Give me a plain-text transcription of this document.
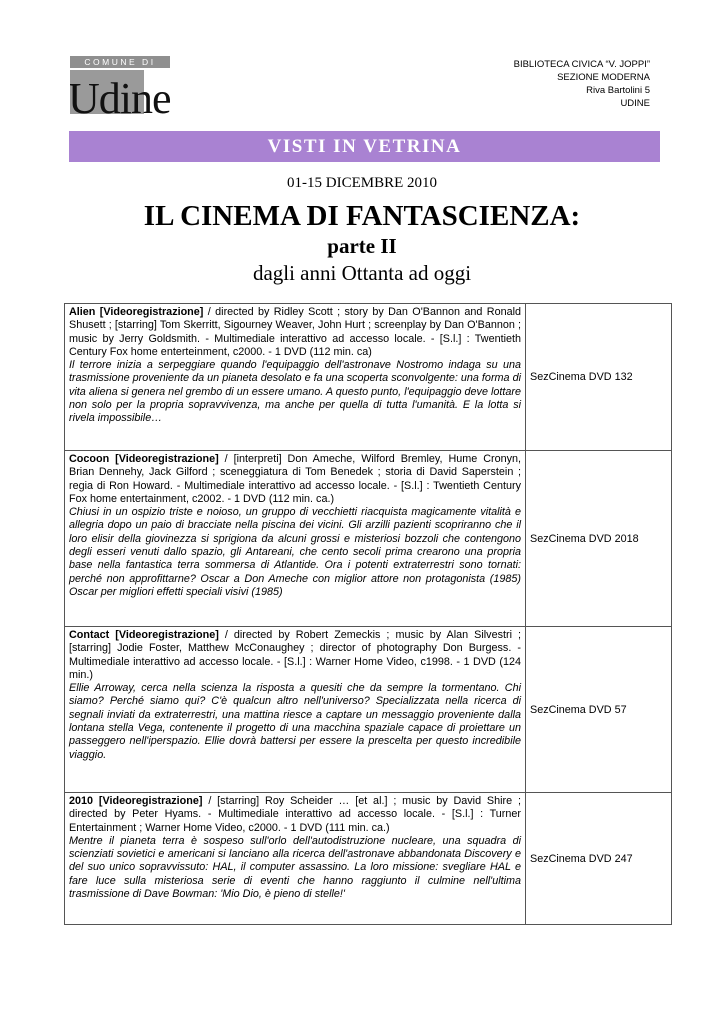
COMUNE DI
Udine
BIBLIOTECA CIVICA “V. JOPPI”
SEZIONE MODERNA
Riva Bartolini 5
UDINE
VISTI IN VETRINA
01-15 DICEMBRE 2010
IL CINEMA DI FANTASCIENZA:
parte II
dagli anni Ottanta ad oggi

Alien [Videoregistrazione] / directed by Ridley Scott ; story by Dan O'Bannon and Ronald Shusett ; [starring] Tom Skerritt, Sigourney Weaver, John Hurt ; screenplay by Dan O'Bannon ; music by Jerry Goldsmith. - Multimediale interattivo ad accesso locale. - [S.l.] : Twentieth Century Fox home enterteinment, c2000. - 1 DVD (112 min. ca)

Il terrore inizia a serpeggiare quando l'equipaggio dell'astronave Nostromo indaga su una trasmissione proveniente da un pianeta desolato e fa una scoperta sconvolgente: una forma di vita aliena si genera nel grembo di un essere umano. A questo punto, l'equipaggio deve lottare non solo per la propria sopravvivenza, ma anche per quella di tutta l'umanità. E la lotta si rivela impossibile…	SezCinema DVD 132

Cocoon [Videoregistrazione] / [interpreti] Don Ameche, Wilford Bremley, Hume Cronyn, Brian Dennehy, Jack Gilford ; sceneggiatura di Tom Benedek ; storia di David Saperstein ; regia di Ron Howard. - Multimediale interattivo ad accesso locale. - [S.l.] : Twentieth Century Fox home entertainment, c2002. - 1 DVD (112 min. ca.)

Chiusi in un ospizio triste e noioso, un gruppo di vecchietti riacquista magicamente vitalità e allegria dopo un paio di bracciate nella piscina dei vicini. Gli arzilli pazienti scopriranno che il loro elisir della giovinezza si sprigiona da alcuni grossi e misteriosi bozzoli che contengono degli esseri venuti dallo spazio, gli Antareani, che cento secoli prima crearono una propria base nella fantastica terra sommersa di Atlantide. Ora i potenti extraterrestri sono tornati: perché non approfittarne? Oscar a Don Ameche con miglior attore non protagonista (1985) Oscar per migliori effetti speciali visivi (1985)	SezCinema DVD 2018

Contact [Videoregistrazione] / directed by Robert Zemeckis ; music by Alan Silvestri ; [starring] Jodie Foster, Matthew McConaughey ; director of photography Don Burgess. - Multimediale interattivo ad accesso locale. - [S.l.] : Warner Home Video, c1998. - 1 DVD (124 min.)

Ellie Arroway, cerca nella scienza la risposta a quesiti che da sempre la tormentano. Chi siamo? Perché siamo qui? C'è qualcun altro nell'universo? Specializzata nella ricerca di segnali inviati da extraterrestri, una mattina riesce a captare un messaggio proveniente dalla lontana stella Vega, contenente il progetto di una macchina spaziale capace di proiettare un passeggero nell'iperspazio. Ellie dovrà battersi per essere la prescelta per questo incredibile viaggio.	SezCinema DVD 57

2010 [Videoregistrazione] / [starring] Roy Scheider … [et al.] ; music by David Shire ; directed by Peter Hyams. - Multimediale interattivo ad accesso locale. - [S.l.] : Turner Entertainment ; Warner Home Video, c2000. - 1 DVD (111 min. ca.)

Mentre il pianeta terra è sospeso sull'orlo dell'autodistruzione nucleare, una squadra di scienziati sovietici e americani si lanciano alla ricerca dell'astronave abbandonata Discovery e del suo unico sopravvissuto: HAL, il computer assassino. La loro missione: svegliare HAL e fare luce sulla misteriosa serie di eventi che hanno raggiunto il culmine nell'ultima trasmissione di Dave Bowman: 'Mio Dio, è pieno di stelle!'	SezCinema DVD 247
